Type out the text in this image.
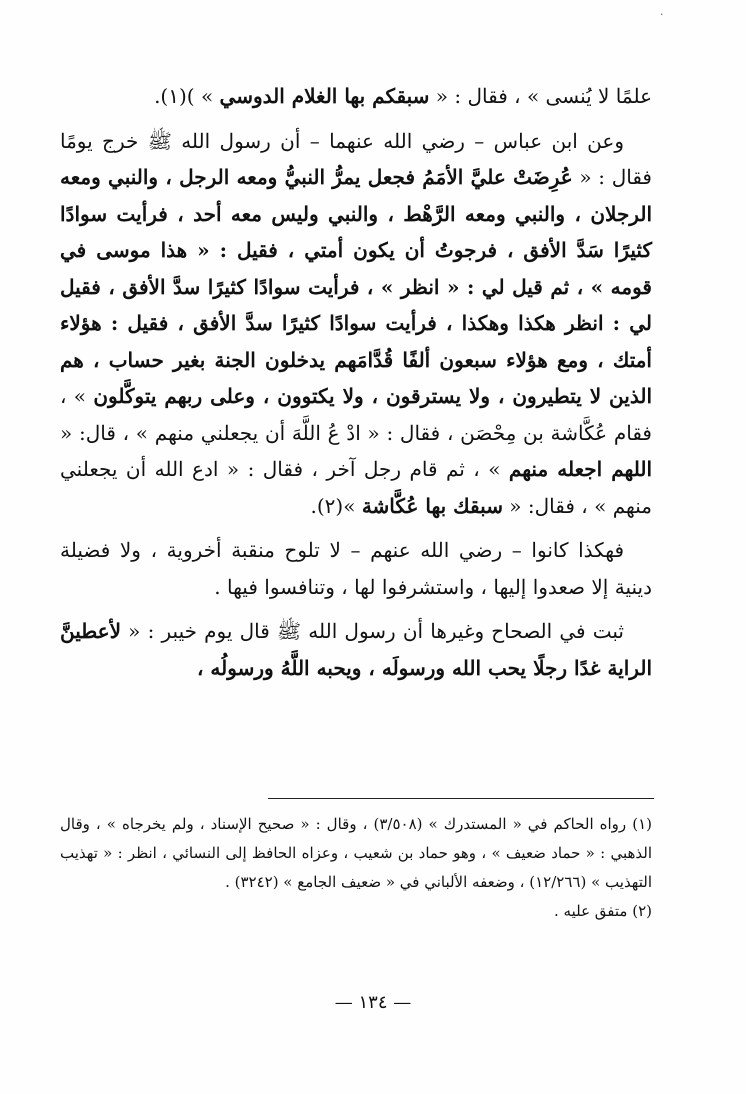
·

علمًا لا يُنسى » ، فقال : « سبقكم بها الغلام الدوسي » )(١).

وعن ابن عباس – رضي الله عنهما – أن رسول الله ﷺ خرج يومًا فقال : « عُرِضَتْ عليَّ الأمَمُ فجعل يمرُّ النبيُّ ومعه الرجل ، والنبي ومعه الرجلان ، والنبي ومعه الرَّهْط ، والنبي وليس معه أحد ، فرأيت سوادًا كثيرًا سَدَّ الأفق ، فرجوتُ أن يكون أمتي ، فقيل : « هذا موسى في قومه » ، ثم قيل لي : « انظر » ، فرأيت سوادًا كثيرًا سدَّ الأفق ، فقيل لي : انظر هكذا وهكذا ، فرأيت سوادًا كثيرًا سدَّ الأفق ، فقيل : هؤلاء أمتك ، ومع هؤلاء سبعون ألفًا قُدَّامَهم يدخلون الجنة بغير حساب ، هم الذين لا يتطيرون ، ولا يسترقون ، ولا يكتوون ، وعلى ربهم يتوكَّلون » ، فقام عُكَّاشة بن مِحْصَن ، فقال : « ادْ عُ اللَّهَ أن يجعلني منهم » ، قال: « اللهم اجعله منهم » ، ثم قام رجل آخر ، فقال : « ادع الله أن يجعلني منهم » ، فقال: « سبقك بها عُكَّاشة »(٢).

فهكذا كانوا – رضي الله عنهم – لا تلوح منقبة أخروية ، ولا فضيلة دينية إلا صعدوا إليها ، واستشرفوا لها ، وتنافسوا فيها .

ثبت في الصحاح وغيرها أن رسول الله ﷺ قال يوم خيبر : « لأعطينَّ الراية غدًا رجلًا يحب الله ورسولَه ، ويحبه اللَّهُ ورسولُه ،

(١) رواه الحاكم في « المستدرك » (٣/٥٠٨) ، وقال : « صحيح الإسناد ، ولم يخرجاه » ، وقال الذهبي : « حماد ضعيف » ، وهو حماد بن شعيب ، وعزاه الحافظ إلى النسائي ، انظر : « تهذيب التهذيب » (١٢/٢٦٦) ، وضعفه الألباني في « ضعيف الجامع » (٣٢٤٢) .

(٢) متفق عليه .

— ١٣٤ —
